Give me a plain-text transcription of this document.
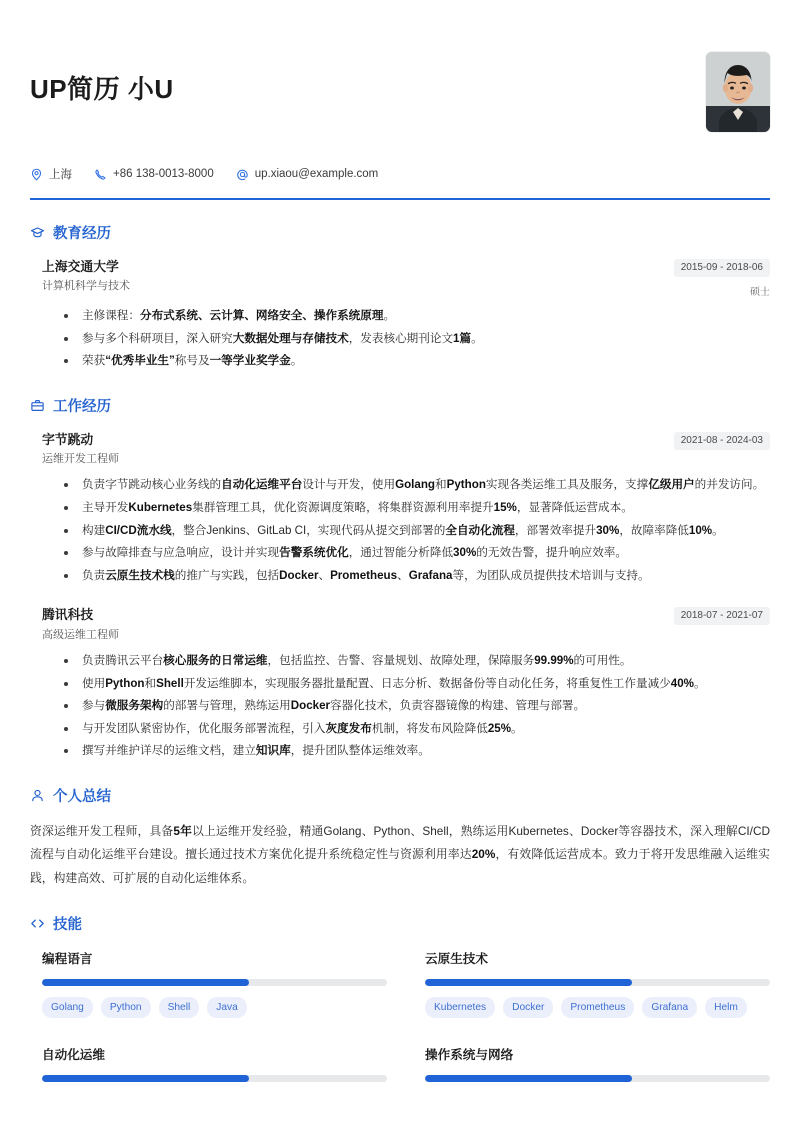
UP简历 小U
上海	+86 138-0013-8000	up.xiaou@example.com
教育经历
上海交通大学
计算机科学与技术
2015-09 - 2018-06
硕士
主修课程：分布式系统、云计算、网络安全、操作系统原理。
参与多个科研项目，深入研究大数据处理与存储技术，发表核心期刊论文1篇。
荣获“优秀毕业生”称号及一等学业奖学金。
工作经历
字节跳动
运维开发工程师
2021-08 - 2024-03
负责字节跳动核心业务线的自动化运维平台设计与开发，使用Golang和Python实现各类运维工具及服务，支撑亿级用户的并发访问。
主导开发Kubernetes集群管理工具，优化资源调度策略，将集群资源利用率提升15%，显著降低运营成本。
构建CI/CD流水线，整合Jenkins、GitLab CI，实现代码从提交到部署的全自动化流程，部署效率提升30%，故障率降低10%。
参与故障排查与应急响应，设计并实现告警系统优化，通过智能分析降低30%的无效告警，提升响应效率。
负责云原生技术栈的推广与实践，包括Docker、Prometheus、Grafana等，为团队成员提供技术培训与支持。
腾讯科技
高级运维工程师
2018-07 - 2021-07
负责腾讯云平台核心服务的日常运维，包括监控、告警、容量规划、故障处理，保障服务99.99%的可用性。
使用Python和Shell开发运维脚本，实现服务器批量配置、日志分析、数据备份等自动化任务，将重复性工作量减少40%。
参与微服务架构的部署与管理，熟练运用Docker容器化技术，负责容器镜像的构建、管理与部署。
与开发团队紧密协作，优化服务部署流程，引入灰度发布机制，将发布风险降低25%。
撰写并维护详尽的运维文档，建立知识库，提升团队整体运维效率。
个人总结
资深运维开发工程师，具备5年以上运维开发经验，精通Golang、Python、Shell，熟练运用Kubernetes、Docker等容器技术，深入理解CI/CD流程与自动化运维平台建设。擅长通过技术方案优化提升系统稳定性与资源利用率达20%，有效降低运营成本。致力于将开发思维融入运维实践，构建高效、可扩展的自动化运维体系。
技能
编程语言
Golang	Python	Shell	Java
云原生技术
Kubernetes	Docker	Prometheus	Grafana	Helm
自动化运维	操作系统与网络
